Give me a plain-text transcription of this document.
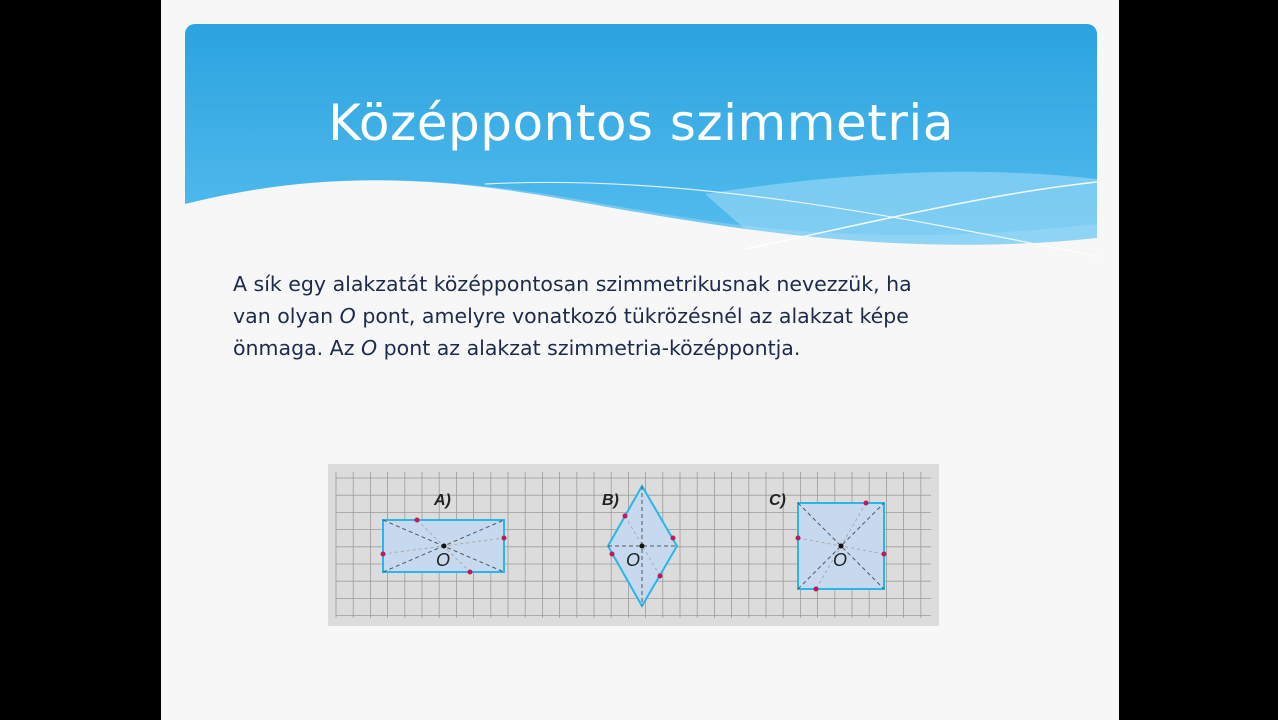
Középpontos szimmetria
A sík egy alakzatát középpontosan szimmetrikusnak nevezzük, ha
van olyan O pont, amelyre vonatkozó tükrözésnél az alakzat képe
önmaga. Az O pont az alakzat szimmetria-középpontja.
A)	B)	C)
O	O	O
